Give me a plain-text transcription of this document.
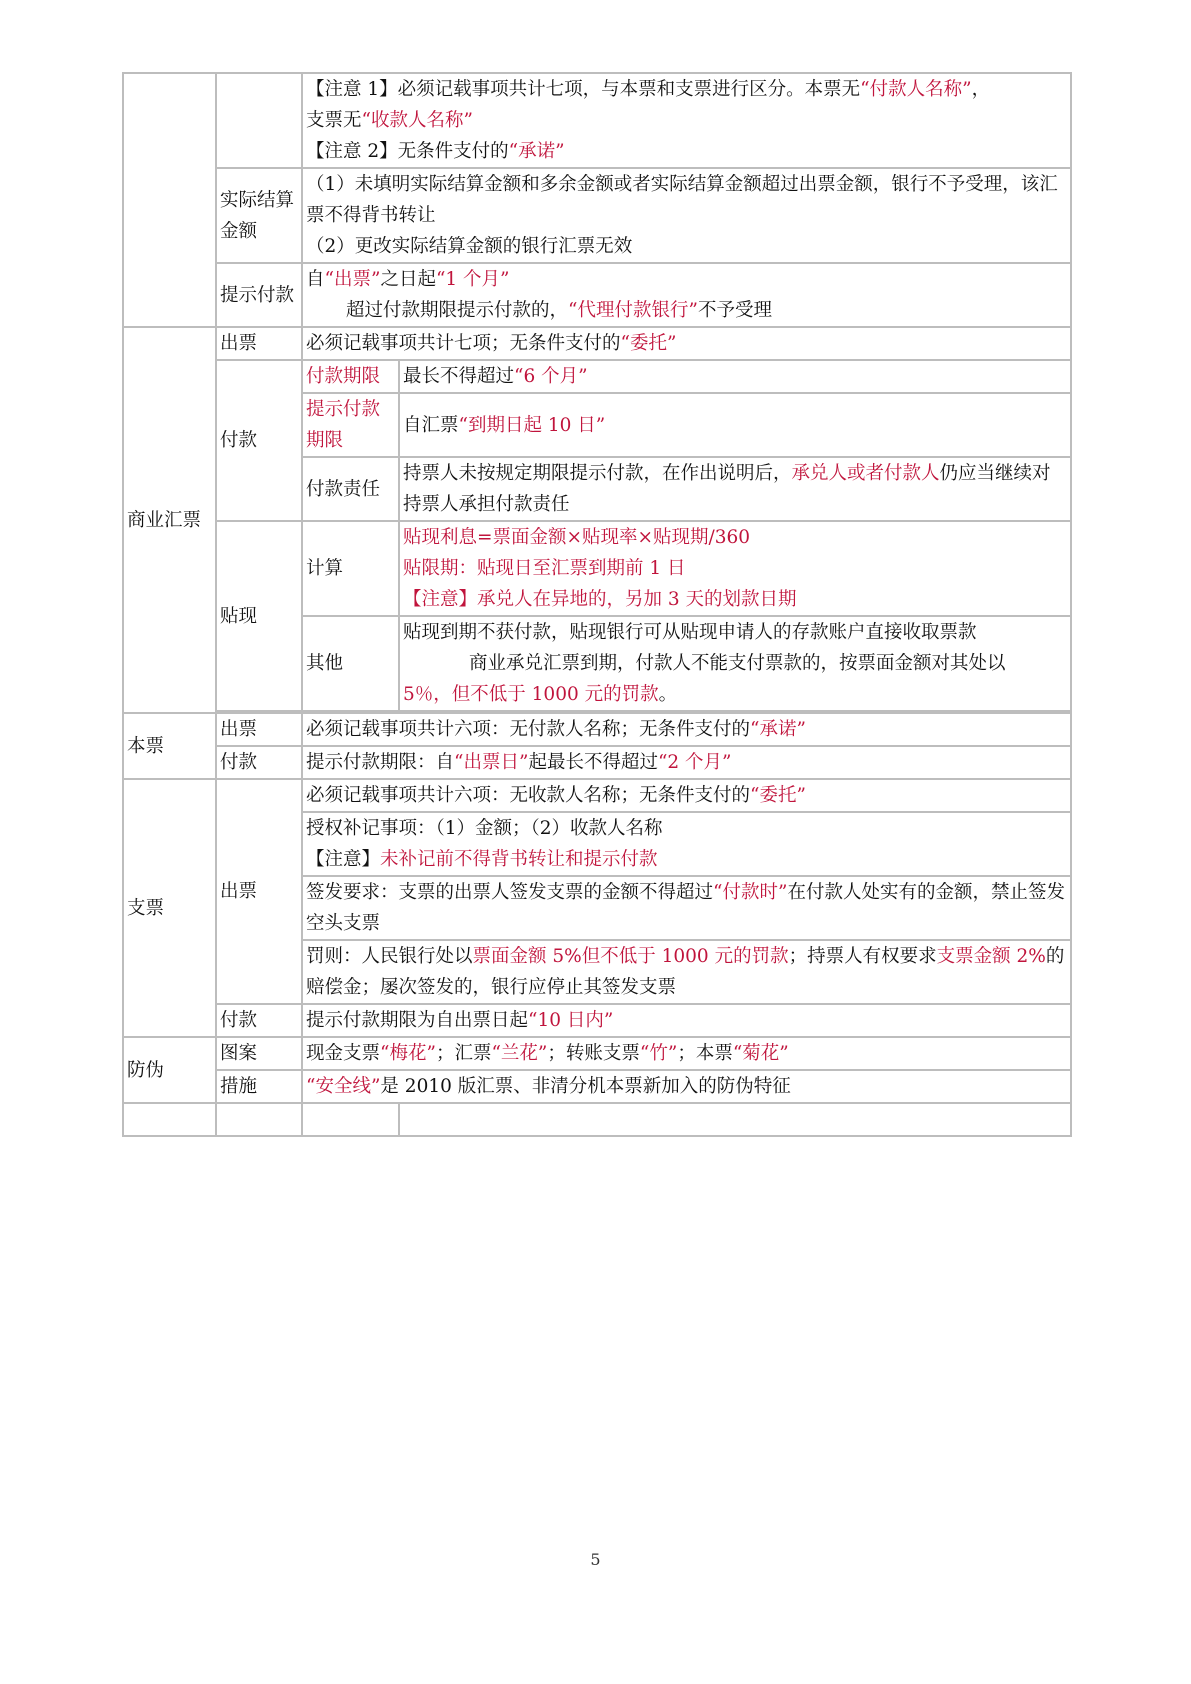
		【注意 1】必须记载事项共计七项，与本票和支票进行区分。本票无“付款人名称”，
支票无“收款人名称”
【注意 2】无条件支付的“承诺”	
	实际结算金额	（1）未填明实际结算金额和多余金额或者实际结算金额超过出票金额，银行不予受理，该汇票不得背书转让
（2）更改实际结算金额的银行汇票无效	

	提示付款	自“出票”之日起“1 个月”
超过付款期限提示付款的，“代理付款银行”不予受理	

商业汇票	出票	必须记载事项共计七项；无条件支付的“委托”	
	付款	付款期限	最长不得超过“6 个月”
		提示付款期限	自汇票“到期日起 10 日”
		付款责任	持票人未按规定期限提示付款，在作出说明后，承兑人或者付款人仍应当继续对持票人承担付款责任
	贴现	计算	贴现利息=票面金额×贴现率×贴现期/360
贴限期：贴现日至汇票到期前 1 日
【注意】承兑人在异地的，另加 3 天的划款日期

		其他	贴现到期不获付款，贴现银行可从贴现申请人的存款账户直接收取票款
商业承兑汇票到期，付款人不能支付票款的，按票面金额对其处以
5％，但不低于 1000 元的罚款。

本票	出票	必须记载事项共计六项：无付款人名称；无条件支付的“承诺”	
	付款	提示付款期限：自“出票日”起最长不得超过“2 个月”	
支票	出票	必须记载事项共计六项：无收款人名称；无条件支付的“委托”	

		授权补记事项：（1）金额；（2）收款人名称
【注意】未补记前不得背书转让和提示付款	

		签发要求：支票的出票人签发支票的金额不得超过“付款时”在付款人处实有的金额，禁止签发空头支票	
		罚则：人民银行处以票面金额 5%但不低于 1000 元的罚款；持票人有权要求支票金额 2%的赔偿金；屡次签发的，银行应停止其签发支票	
	付款	提示付款期限为自出票日起“10 日内”	
防伪	图案	现金支票“梅花”；汇票“兰花”；转账支票“竹”；本票“菊花”	
	措施	“安全线”是 2010 版汇票、非清分机本票新加入的防伪特征	

5
